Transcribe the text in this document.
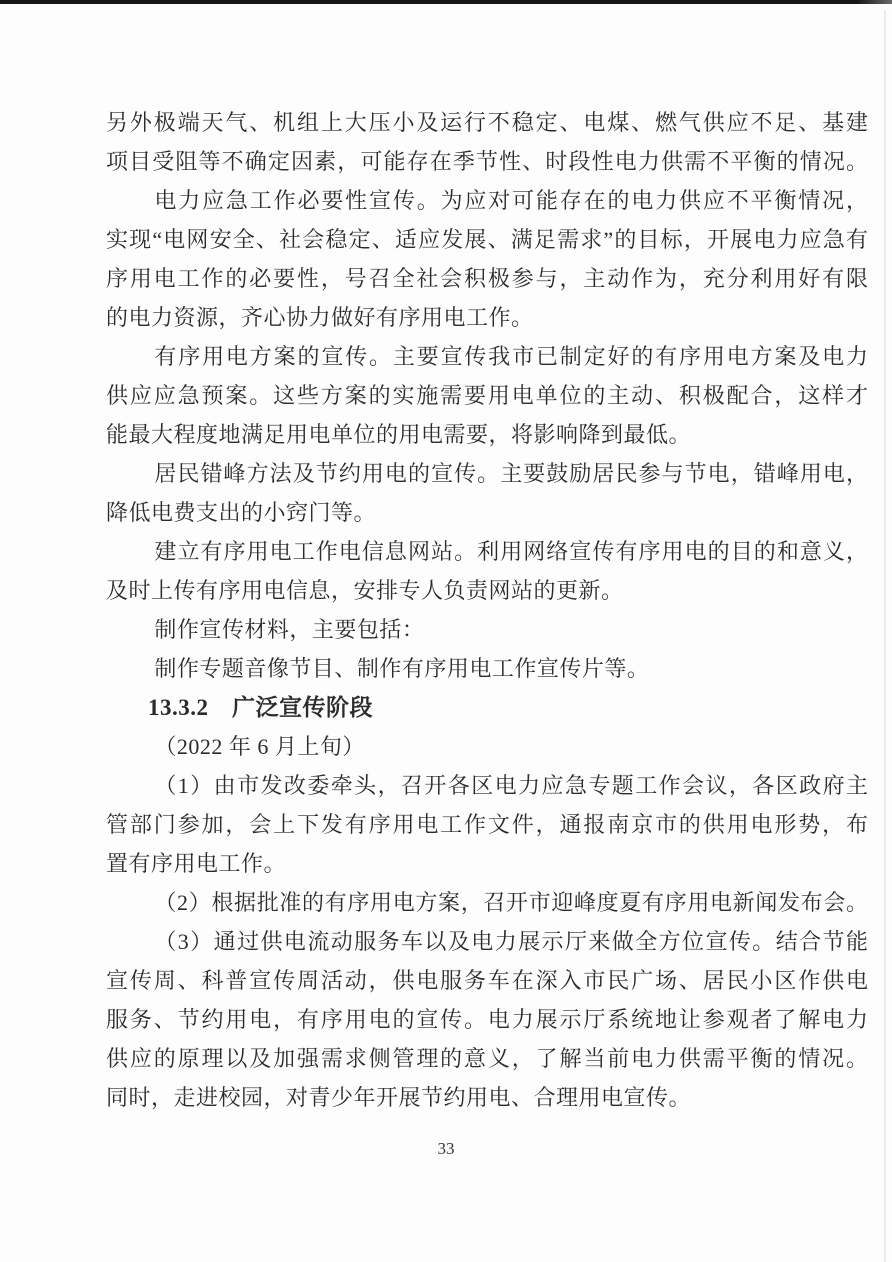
另外极端天气、机组上大压小及运行不稳定、电煤、燃气供应不足、基建
项目受阻等不确定因素，可能存在季节性、时段性电力供需不平衡的情况。
电力应急工作必要性宣传。为应对可能存在的电力供应不平衡情况，
实现“电网安全、社会稳定、适应发展、满足需求”的目标，开展电力应急有
序用电工作的必要性，号召全社会积极参与，主动作为，充分利用好有限
的电力资源，齐心协力做好有序用电工作。
有序用电方案的宣传。主要宣传我市已制定好的有序用电方案及电力
供应应急预案。这些方案的实施需要用电单位的主动、积极配合，这样才
能最大程度地满足用电单位的用电需要，将影响降到最低。
居民错峰方法及节约用电的宣传。主要鼓励居民参与节电，错峰用电，
降低电费支出的小窍门等。
建立有序用电工作电信息网站。利用网络宣传有序用电的目的和意义，
及时上传有序用电信息，安排专人负责网站的更新。
制作宣传材料，主要包括：
制作专题音像节目、制作有序用电工作宣传片等。
13.3.2　广泛宣传阶段
（2022 年 6 月上旬）
（1）由市发改委牵头，召开各区电力应急专题工作会议，各区政府主
管部门参加，会上下发有序用电工作文件，通报南京市的供用电形势，布
置有序用电工作。
（2）根据批准的有序用电方案，召开市迎峰度夏有序用电新闻发布会。
（3）通过供电流动服务车以及电力展示厅来做全方位宣传。结合节能
宣传周、科普宣传周活动，供电服务车在深入市民广场、居民小区作供电
服务、节约用电，有序用电的宣传。电力展示厅系统地让参观者了解电力
供应的原理以及加强需求侧管理的意义，了解当前电力供需平衡的情况。
同时，走进校园，对青少年开展节约用电、合理用电宣传。
33
